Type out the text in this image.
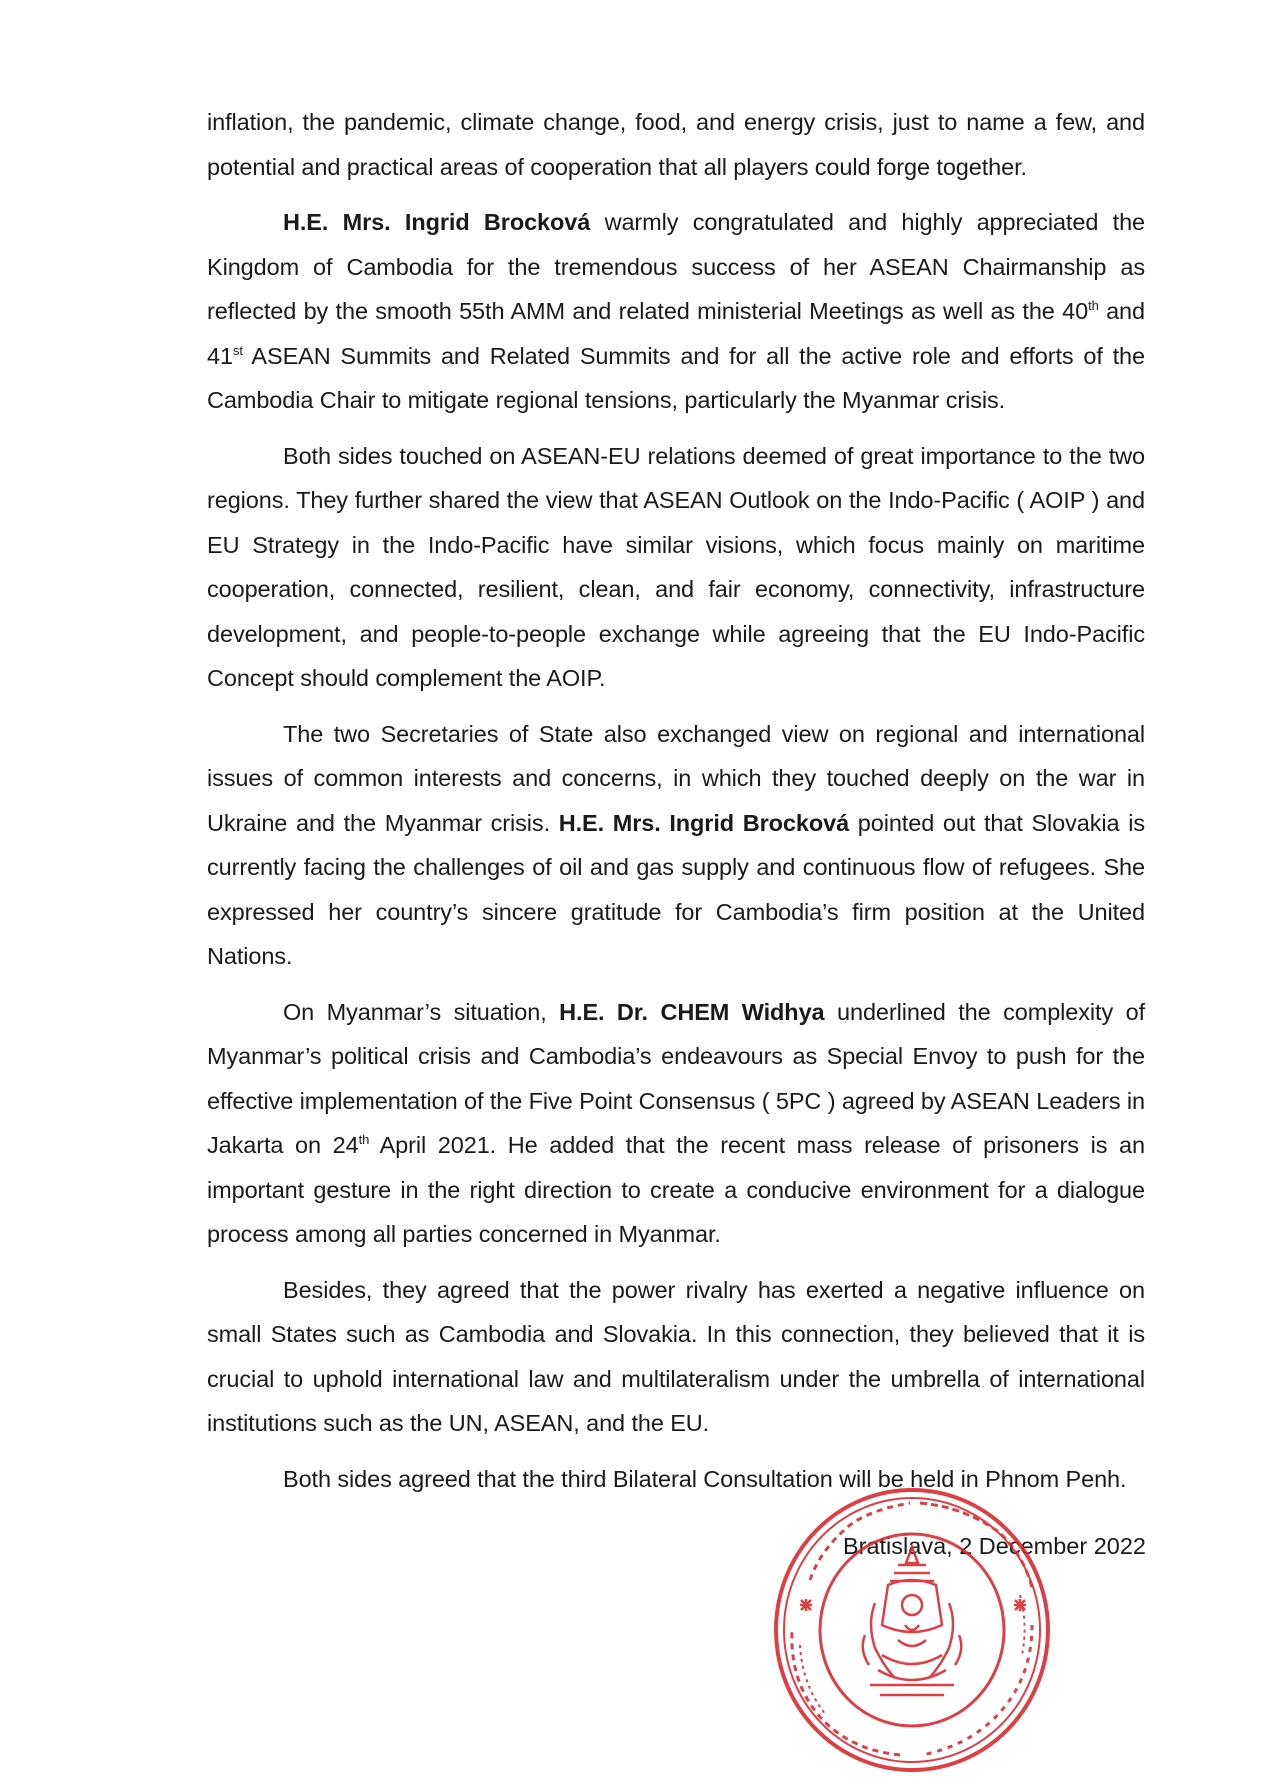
inflation, the pandemic, climate change, food, and energy crisis, just to name a few, and potential and practical areas of cooperation that all players could forge together.

H.E. Mrs. Ingrid Brocková warmly congratulated and highly appreciated the Kingdom of Cambodia for the tremendous success of her ASEAN Chairmanship as reflected by the smooth 55th AMM and related ministerial Meetings as well as the 40th and 41st ASEAN Summits and Related Summits and for all the active role and efforts of the Cambodia Chair to mitigate regional tensions, particularly the Myanmar crisis.

Both sides touched on ASEAN-EU relations deemed of great importance to the two regions. They further shared the view that ASEAN Outlook on the Indo-Pacific ( AOIP ) and EU Strategy in the Indo-Pacific have similar visions, which focus mainly on maritime cooperation, connected, resilient, clean, and fair economy, connectivity, infrastructure development, and people-to-people exchange while agreeing that the EU Indo-Pacific Concept should complement the AOIP.

The two Secretaries of State also exchanged view on regional and international issues of common interests and concerns, in which they touched deeply on the war in Ukraine and the Myanmar crisis. H.E. Mrs. Ingrid Brocková pointed out that Slovakia is currently facing the challenges of oil and gas supply and continuous flow of refugees. She expressed her country’s sincere gratitude for Cambodia’s firm position at the United Nations.

On Myanmar’s situation, H.E. Dr. CHEM Widhya underlined the complexity of Myanmar’s political crisis and Cambodia’s endeavours as Special Envoy to push for the effective implementation of the Five Point Consensus ( 5PC ) agreed by ASEAN Leaders in Jakarta on 24th April 2021. He added that the recent mass release of prisoners is an important gesture in the right direction to create a conducive environment for a dialogue process among all parties concerned in Myanmar.

Besides, they agreed that the power rivalry has exerted a negative influence on small States such as Cambodia and Slovakia. In this connection, they believed that it is crucial to uphold international law and multilateralism under the umbrella of international institutions such as the UN, ASEAN, and the EU.

Both sides agreed that the third Bilateral Consultation will be held in Phnom Penh.

Bratislava, 2 December 2022
